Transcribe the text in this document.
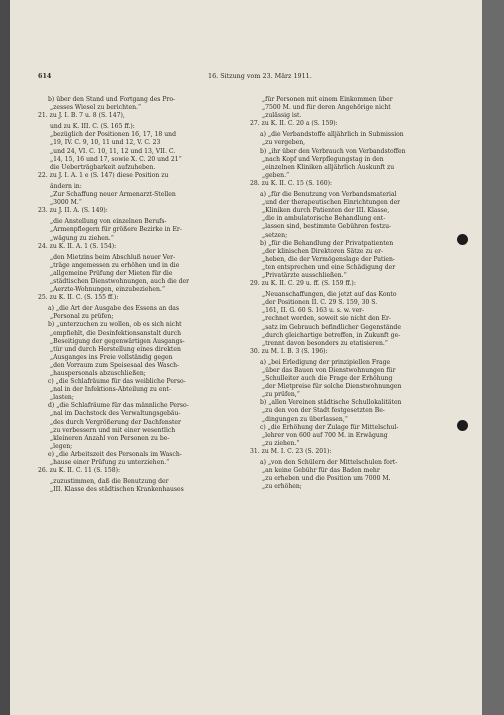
614	16. Sitzung vom 23. März 1911.
b) über den Stand und Fortgang des Pro-
„zesses Wiesel zu berichten.“
21. zu J. I. B. 7 u. 8 (S. 147),
und zu K. III. C. (S. 165 ff.):
„bezüglich der Positionen 16, 17, 18 und
„19, IV. C. 9, 10, 11 und 12, V. C. 23
„und 24, VI. C. 10, 11, 12 und 13, VII. C.
„14, 15, 16 und 17, sowie X. C. 20 und 21“
die Ueberträgbarkeit aufzuheben.
22. zu J. I. A. 1 e (S. 147) diese Position zu
ändern in:
„Zur Schaffung neuer Armenarzt-Stellen
„3000 M.“
23. zu J. II. A. (S. 149):
„die Anstellung von einzelnen Berufs-
„Armenpflegern für größere Bezirke in Er-
„wägung zu ziehen.“
24. zu K. II. A. 1 (S. 154):
„den Mietzins beim Abschluß neuer Ver-
„träge angemessen zu erhöhen und in die
„allgemeine Prüfung der Mieten für die
„städtischen Dienstwohnungen, auch die der
„Aerzte-Wohnungen, einzubeziehen.“
25. zu K. II. C. (S. 155 ff.):
a) „die Art der Ausgabe des Essens an das
„Personal zu prüfen;
b) „unterzuchen zu wollen, ob es sich nicht
„empfiehlt, die Desinfektionsanstalt durch
„Beseitigung der gegenwärtigen Ausgangs-
„tür und durch Herstellung eines direkten
„Ausganges ins Freie vollständig gegen
„den Vorraum zum Speisesaal des Wasch-
„hauspersonals abzuschließen;
c) „die Schlafräume für das weibliche Perso-
„nal in der Infektions-Abteilung zu ent-
„lasten;
d) „die Schlafräume für das männliche Perso-
„nal im Dachstock des Verwaltungsgebäu-
„des durch Vergrößerung der Dachfenster
„zu verbessern und mit einer wesentlich
„kleineren Anzahl von Personen zu be-
„legen;
e) „die Arbeitszeit des Personals im Wasch-
„hause einer Prüfung zu unterziehen.“
26. zu K. II. C. 11 (S. 158):
„zuzustimmen, daß die Benutzung der
„III. Klasse des städtischen Krankenhauses
„für Personen mit einem Einkommen über
„7500 M. und für deren Angehörige nicht
„zulässig ist.
27. zu K. II. C. 20 a (S. 159):
a) „die Verbandstoffe alljährlich in Submission
„zu vergeben,
b) „ihr über den Verbrauch von Verbandstoffen
„nach Kopf und Verpflegungstag in den
„einzelnen Kliniken alljährlich Auskunft zu
„geben.“
28. zu K. II. C. 15 (S. 160):
a) „für die Benutzung von Verbandsmaterial
„und der therapeutischen Einrichtungen der
„Kliniken durch Patienten der III. Klasse,
„die in ambulatorische Behandlung ent-
„lassen sind, bestimmte Gebühren festzu-
„setzen;
b) „für die Behandlung der Privatpatienten
„der klinischen Direktoren Sätze zu er-
„heben, die der Vermögenslage der Patien-
„ten entsprechen und eine Schädigung der
„Privatärzte ausschließen.“
29. zu K. II. C. 29 u. ff. (S. 159 ff.):
„Neuanschaffungen, die jetzt auf das Konto
„der Positionen II. C. 29 S. 159, 30 S.
„161, II. G. 60 S. 163 u. s. w. ver-
„rechnet werden, soweit sie nicht den Er-
„satz im Gebrauch befindlicher Gegenstände
„durch gleichartige betreffen, in Zukunft ge-
„trennt davon besonders zu etatisieren.“
30. zu M. I. B. 3 (S. 196):
a) „bei Erledigung der prinzipiellen Frage
„über das Bauen von Dienstwohnungen für
„Schulleiter auch die Frage der Erhöhung
„der Mietpreise für solche Dienstwohnungen
„zu prüfen,“
b) „allen Vereinen städtische Schullokalitäten
„zu den von der Stadt festgesetzten Be-
„dingungen zu überlassen,“
c) „die Erhöhung der Zulage für Mittelschul-
„lehrer von 600 auf 700 M. in Erwägung
„zu ziehen.“
31. zu M. I. C. 23 (S. 201):
a) „von den Schülern der Mittelschulen fort-
„an keine Gebühr für das Baden mehr
„zu erheben und die Position um 7000 M.
„zu erhöhen;
